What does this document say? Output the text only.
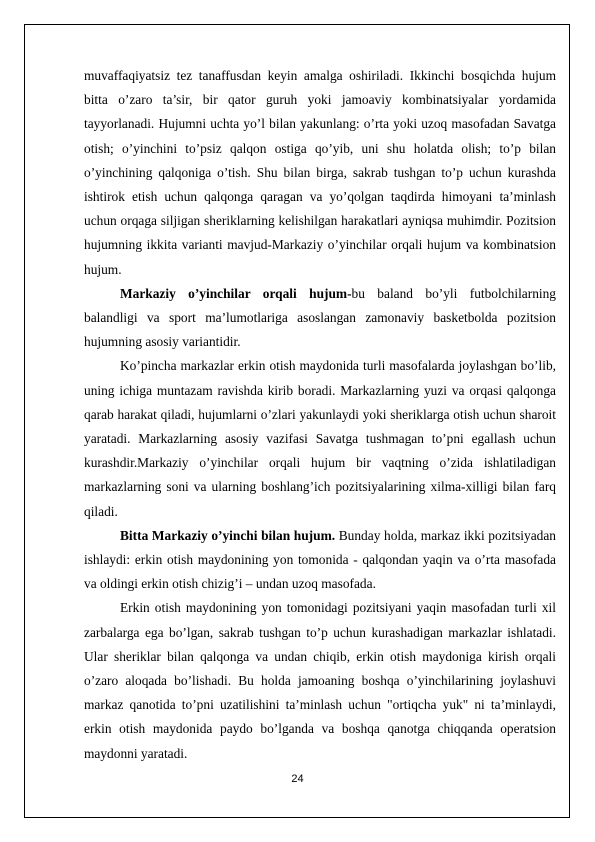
muvaffaqiyatsiz tez tanaffusdan keyin amalga oshiriladi. Ikkinchi bosqichda hujum bitta o’zaro ta’sir, bir qator guruh yoki jamoaviy kombinatsiyalar yordamida tayyorlanadi. Hujumni uchta yo’l bilan yakunlang: o’rta yoki uzoq masofadan Savatga otish; o’yinchini to’psiz qalqon ostiga qo’yib, uni shu holatda olish; to’p bilan o’yinchining qalqoniga o’tish. Shu bilan birga, sakrab tushgan to’p uchun kurashda ishtirok etish uchun qalqonga qaragan va yo’qolgan taqdirda himoyani ta’minlash uchun orqaga siljigan sheriklarning kelishilgan harakatlari ayniqsa muhimdir. Pozitsion hujumning ikkita varianti mavjud-Markaziy o’yinchilar orqali hujum va kombinatsion hujum.

Markaziy o’yinchilar orqali hujum-bu baland bo’yli futbolchilarning balandligi va sport ma’lumotlariga asoslangan zamonaviy basketbolda pozitsion hujumning asosiy variantidir.

Ko’pincha markazlar erkin otish maydonida turli masofalarda joylashgan bo’lib, uning ichiga muntazam ravishda kirib boradi. Markazlarning yuzi va orqasi qalqonga qarab harakat qiladi, hujumlarni o’zlari yakunlaydi yoki sheriklarga otish uchun sharoit yaratadi. Markazlarning asosiy vazifasi Savatga tushmagan to’pni egallash uchun kurashdir.Markaziy o’yinchilar orqali hujum bir vaqtning o’zida ishlatiladigan markazlarning soni va ularning boshlang’ich pozitsiyalarining xilma-xilligi bilan farq qiladi.

Bitta Markaziy o’yinchi bilan hujum. Bunday holda, markaz ikki pozitsiyadan ishlaydi: erkin otish maydonining yon tomonida - qalqondan yaqin va o’rta masofada va oldingi erkin otish chizig’i – undan uzoq masofada.

Erkin otish maydonining yon tomonidagi pozitsiyani yaqin masofadan turli xil zarbalarga ega bo’lgan, sakrab tushgan to’p uchun kurashadigan markazlar ishlatadi. Ular sheriklar bilan qalqonga va undan chiqib, erkin otish maydoniga kirish orqali o’zaro aloqada bo’lishadi. Bu holda jamoaning boshqa o’yinchilarining joylashuvi markaz qanotida to’pni uzatilishini ta’minlash uchun "ortiqcha yuk" ni ta’minlaydi, erkin otish maydonida paydo bo’lganda va boshqa qanotga chiqqanda operatsion maydonni yaratadi.

24
